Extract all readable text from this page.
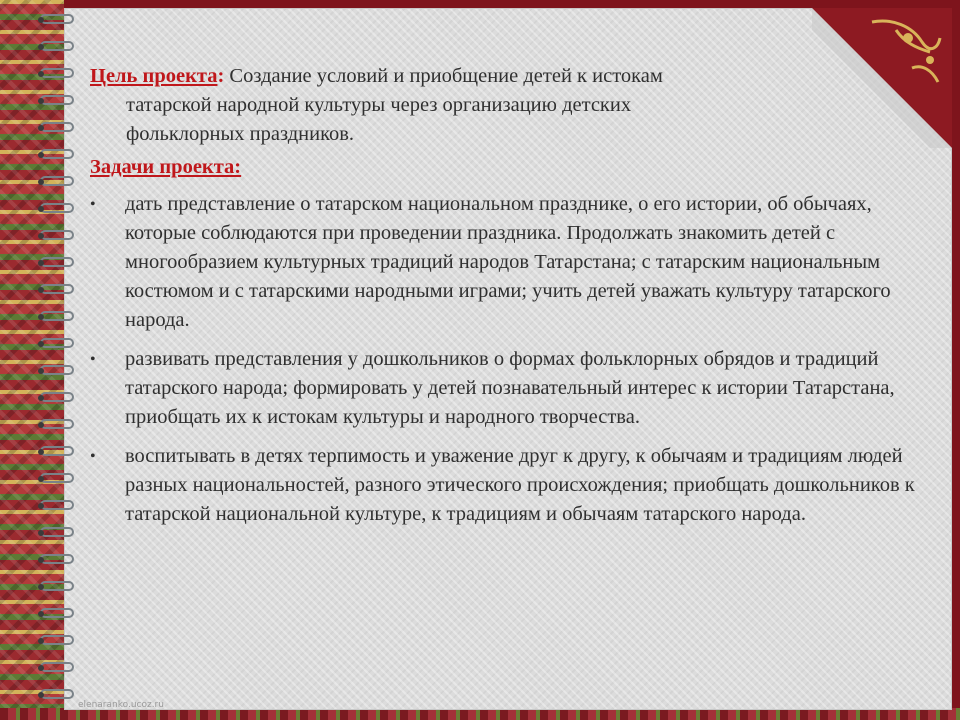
Цель проекта: Создание условий и приобщение детей к истокам
татарской народной культуры через организацию детских
фольклорных праздников.
Задачи проекта:
• дать представление о татарском национальном празднике, о его истории, об обычаях, которые соблюдаются при проведении праздника. Продолжать знакомить детей с многообразием культурных традиций народов Татарстана; с татарским национальным костюмом и с татарскими народными играми; учить детей уважать культуру татарского народа.
• развивать представления у дошкольников о формах фольклорных обрядов и традиций татарского народа; формировать у детей познавательный интерес к истории Татарстана, приобщать их к истокам культуры и народного творчества.
• воспитывать в детях терпимость и уважение друг к другу, к обычаям и традициям людей разных национальностей, разного этического происхождения; приобщать дошкольников к татарской национальной культуре, к традициям и обычаям татарского народа.
elenaranko.ucoz.ru
